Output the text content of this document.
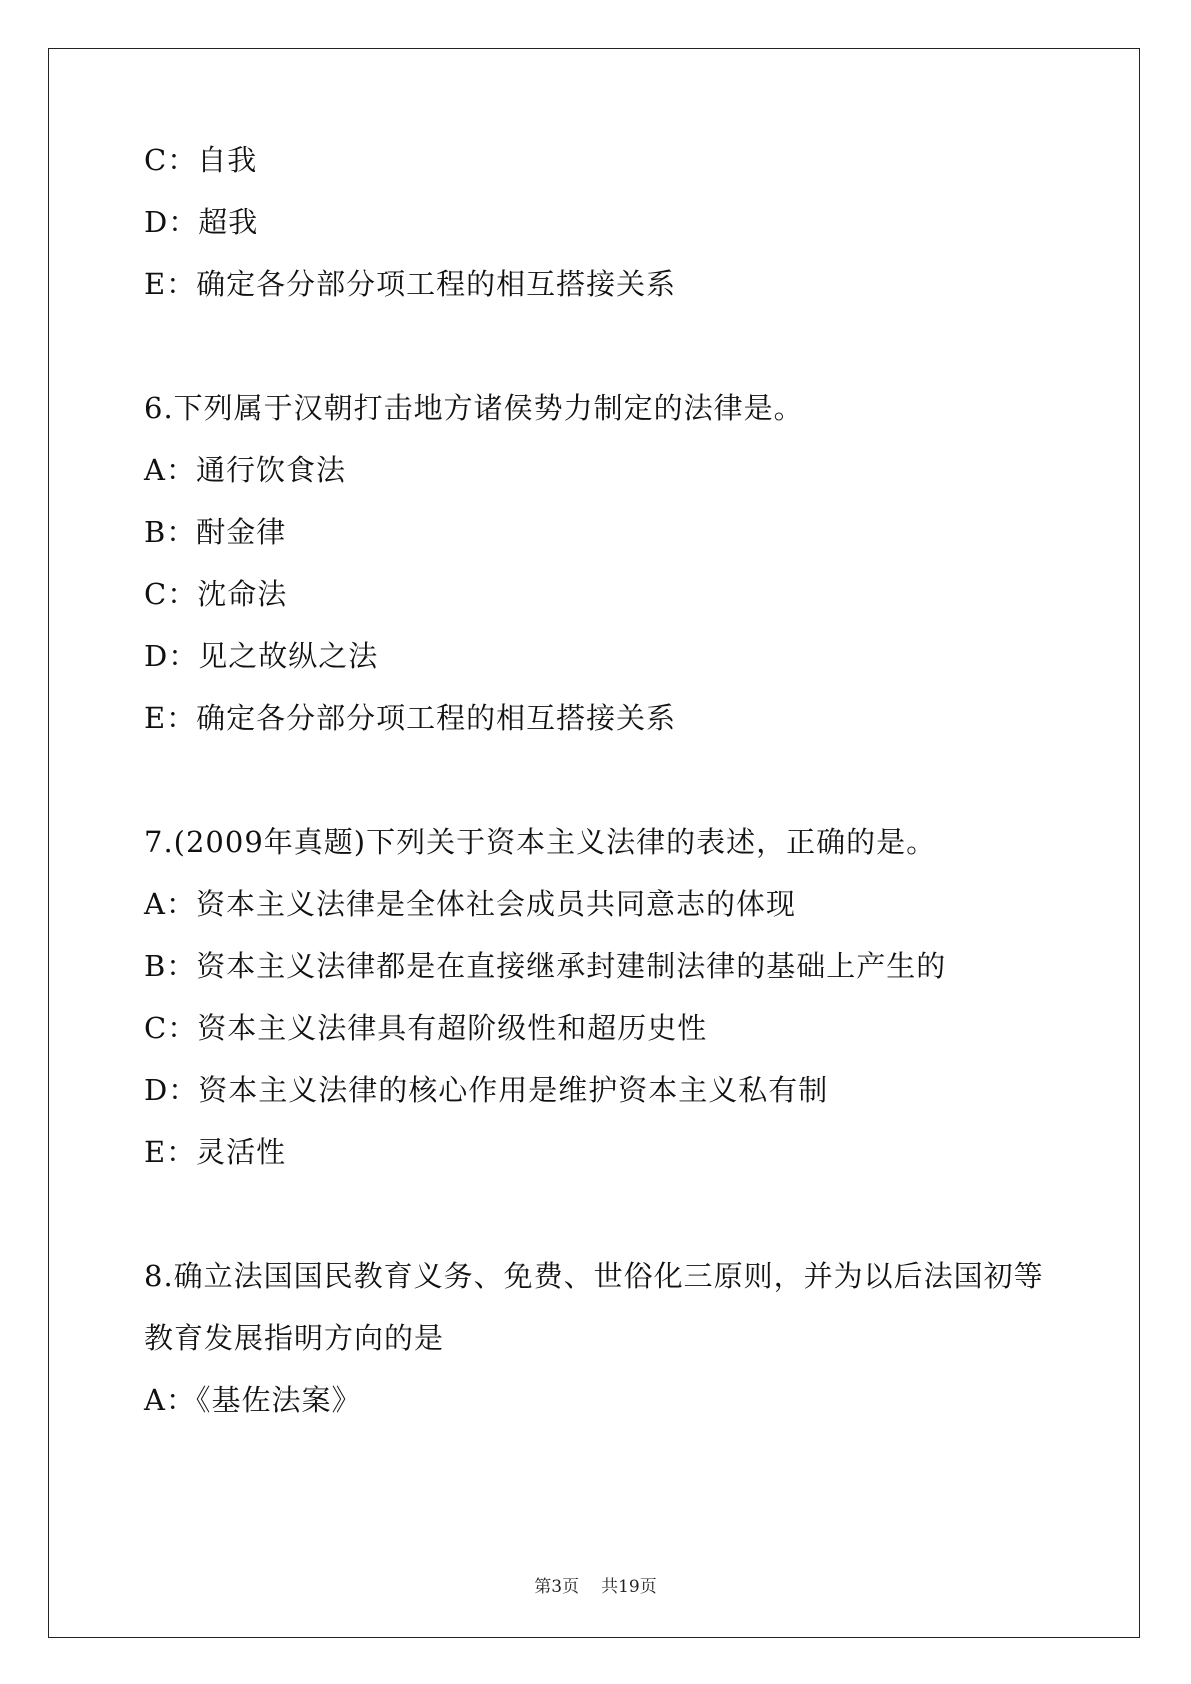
C：自我
D：超我
E：确定各分部分项工程的相互搭接关系
6.下列属于汉朝打击地方诸侯势力制定的法律是。
A：通行饮食法
B：酎金律
C：沈命法
D：见之故纵之法
E：确定各分部分项工程的相互搭接关系
7.(2009年真题)下列关于资本主义法律的表述，正确的是。
A：资本主义法律是全体社会成员共同意志的体现
B：资本主义法律都是在直接继承封建制法律的基础上产生的
C：资本主义法律具有超阶级性和超历史性
D：资本主义法律的核心作用是维护资本主义私有制
E：灵活性
8.确立法国国民教育义务、免费、世俗化三原则，并为以后法国初等教育发展指明方向的是
A：《基佐法案》
第3页 共19页
